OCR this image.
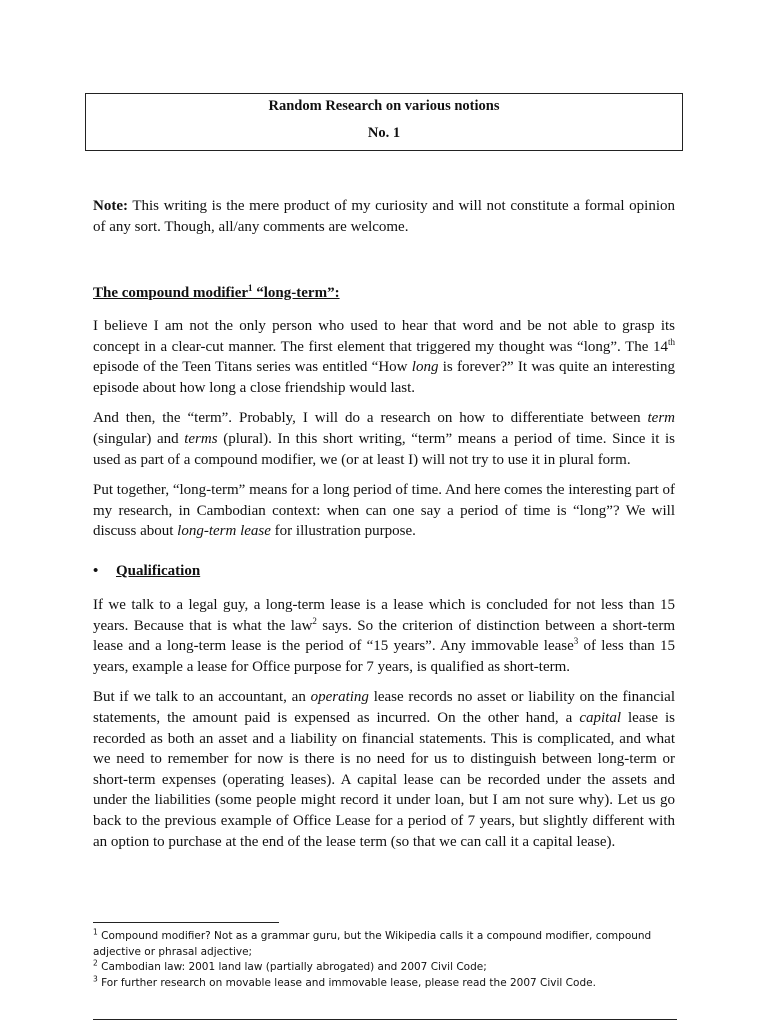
Random Research on various notions
No. 1

Note: This writing is the mere product of my curiosity and will not constitute a formal opinion of any sort. Though, all/any comments are welcome.

The compound modifier$^1$ “long-term”:

I believe I am not the only person who used to hear that word and be not able to grasp its concept in a clear-cut manner. The first element that triggered my thought was “long”. The 14th episode of the Teen Titans series was entitled “How long is forever?” It was quite an interesting episode about how long a close friendship would last.

And then, the “term”. Probably, I will do a research on how to differentiate between term (singular) and terms (plural). In this short writing, “term” means a period of time. Since it is used as part of a compound modifier, we (or at least I) will not try to use it in plural form.

Put together, “long-term” means for a long period of time. And here comes the interesting part of my research, in Cambodian context: when can one say a period of time is “long”? We will discuss about long-term lease for illustration purpose.

• Qualification

If we talk to a legal guy, a long-term lease is a lease which is concluded for not less than 15 years. Because that is what the law$^2$ says. So the criterion of distinction between a short-term lease and a long-term lease is the period of “15 years”. Any immovable lease$^3$ of less than 15 years, example a lease for Office purpose for 7 years, is qualified as short-term.

But if we talk to an accountant, an operating lease records no asset or liability on the financial statements, the amount paid is expensed as incurred. On the other hand, a capital lease is recorded as both an asset and a liability on financial statements. This is complicated, and what we need to remember for now is there is no need for us to distinguish between long-term or short-term expenses (operating leases). A capital lease can be recorded under the assets and under the liabilities (some people might record it under loan, but I am not sure why). Let us go back to the previous example of Office Lease for a period of 7 years, but slightly different with an option to purchase at the end of the lease term (so that we can call it a capital lease).

$^1$ Compound modifier? Not as a grammar guru, but the Wikipedia calls it a compound modifier, compound adjective or phrasal adjective;
$^2$ Cambodian law: 2001 land law (partially abrogated) and 2007 Civil Code;
$^3$ For further research on movable lease and immovable lease, please read the 2007 Civil Code.
